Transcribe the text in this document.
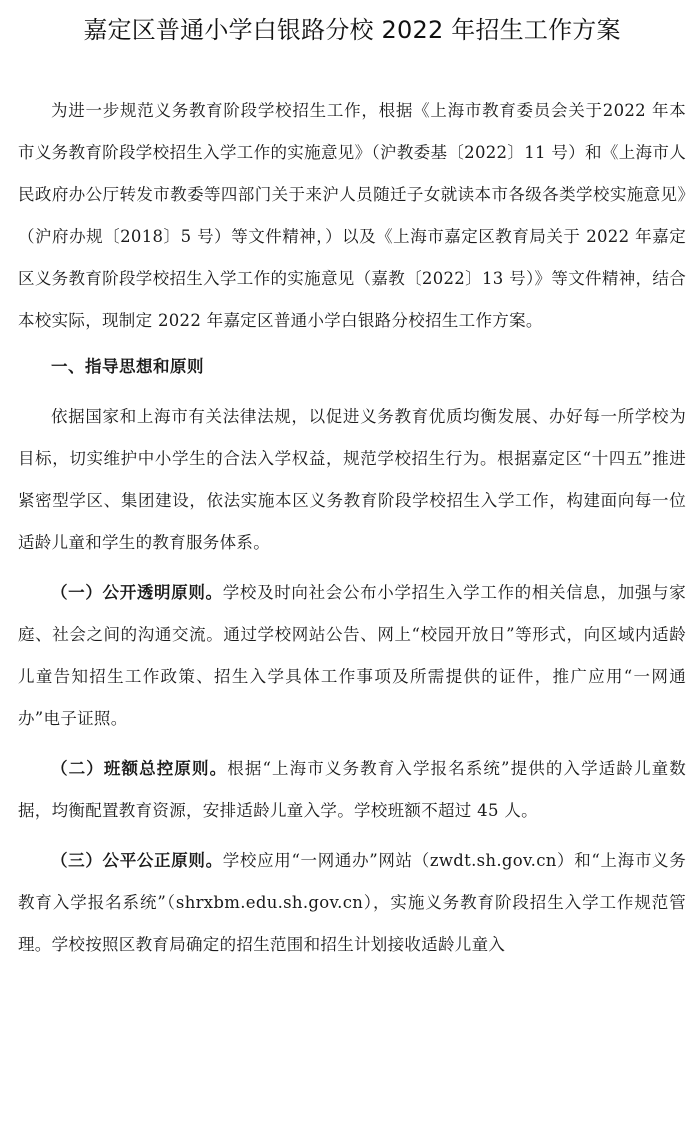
嘉定区普通小学白银路分校 2022 年招生工作方案

为进一步规范义务教育阶段学校招生工作，根据《上海市教育委员会关于2022 年本市义务教育阶段学校招生入学工作的实施意见》（沪教委基〔2022〕11 号）和《上海市人民政府办公厅转发市教委等四部门关于来沪人员随迁子女就读本市各级各类学校实施意见》（沪府办规〔2018〕5 号）等文件精神，）以及《上海市嘉定区教育局关于 2022 年嘉定区义务教育阶段学校招生入学工作的实施意见（嘉教〔2022〕13 号）》等文件精神，结合本校实际，现制定 2022 年嘉定区普通小学白银路分校招生工作方案。

一、指导思想和原则

依据国家和上海市有关法律法规，以促进义务教育优质均衡发展、办好每一所学校为目标，切实维护中小学生的合法入学权益，规范学校招生行为。根据嘉定区“十四五”推进紧密型学区、集团建设，依法实施本区义务教育阶段学校招生入学工作，构建面向每一位适龄儿童和学生的教育服务体系。

（一）公开透明原则。学校及时向社会公布小学招生入学工作的相关信息，加强与家庭、社会之间的沟通交流。通过学校网站公告、网上“校园开放日”等形式，向区域内适龄儿童告知招生工作政策、招生入学具体工作事项及所需提供的证件，推广应用“一网通办”电子证照。

（二）班额总控原则。根据“上海市义务教育入学报名系统”提供的入学适龄儿童数据，均衡配置教育资源，安排适龄儿童入学。学校班额不超过 45 人。

（三）公平公正原则。学校应用“一网通办”网站（zwdt.sh.gov.cn）和“上海市义务教育入学报名系统”（shrxbm.edu.sh.gov.cn），实施义务教育阶段招生入学工作规范管理。学校按照区教育局确定的招生范围和招生计划接收适龄儿童入
